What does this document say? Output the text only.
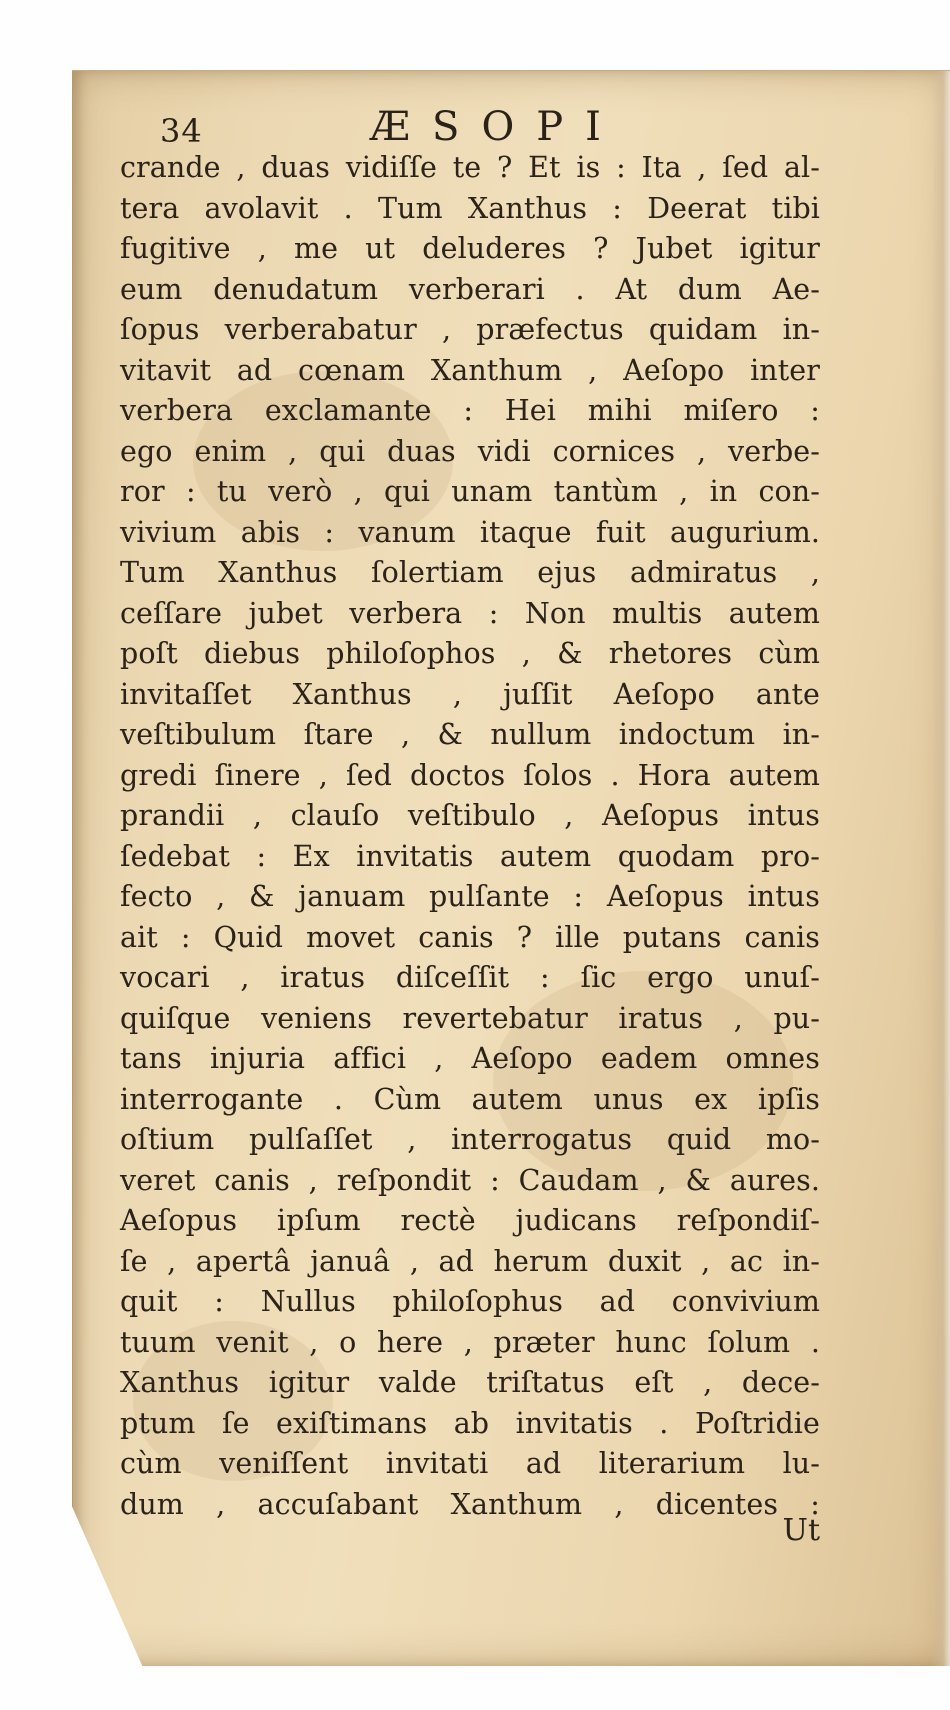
34	ÆSOPI
crande , duas vidiſſe te ? Et is : Ita , ſed al-
tera avolavit . Tum Xanthus : Deerat tibi
fugitive , me ut deluderes ? Jubet igitur
eum denudatum verberari . At dum Ae-
ſopus verberabatur , præfectus quidam in-
vitavit ad cœnam Xanthum , Aeſopo inter
verbera exclamante : Hei mihi miſero :
ego enim , qui duas vidi cornices , verbe-
ror : tu verò , qui unam tantùm , in con-
vivium abis : vanum itaque fuit augurium.
Tum Xanthus ſolertiam ejus admiratus ,
ceſſare jubet verbera : Non multis autem
poſt diebus philoſophos , & rhetores cùm
invitaſſet Xanthus , juſſit Aeſopo ante
veſtibulum ſtare , & nullum indoctum in-
gredi ſinere , ſed doctos ſolos . Hora autem
prandii , clauſo veſtibulo , Aeſopus intus
ſedebat : Ex invitatis autem quodam pro-
fecto , & januam pulſante : Aeſopus intus
ait : Quid movet canis ? ille putans canis
vocari , iratus diſceſſit : ſic ergo unuſ-
quiſque veniens revertebatur iratus , pu-
tans injuria affici , Aeſopo eadem omnes
interrogante . Cùm autem unus ex ipſis
oſtium pulſaſſet , interrogatus quid mo-
veret canis , reſpondit : Caudam , & aures.
Aeſopus ipſum rectè judicans reſpondiſ-
ſe , apertâ januâ , ad herum duxit , ac in-
quit : Nullus philoſophus ad convivium
tuum venit , o here , præter hunc ſolum .
Xanthus igitur valde triſtatus eſt , dece-
ptum ſe exiſtimans ab invitatis . Poſtridie
cùm veniſſent invitati ad literarium lu-
dum , accuſabant Xanthum , dicentes :
Ut
